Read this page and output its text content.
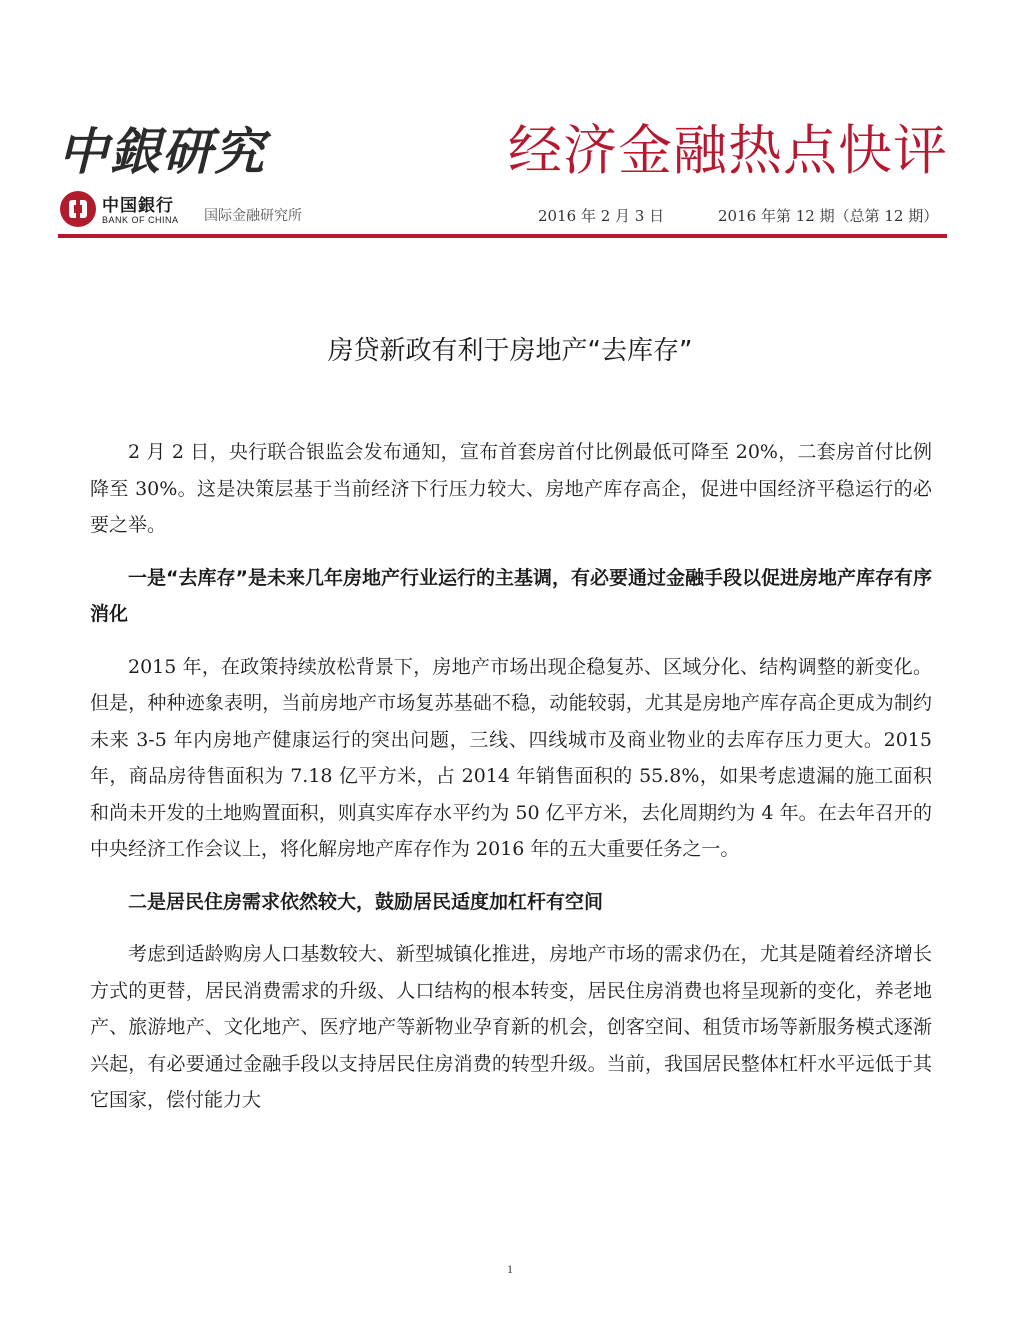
中銀研究	经济金融热点快评
中国銀行
BANK OF CHINA 国际金融研究所	2016 年 2 月 3 日	2016 年第 12 期（总第 12 期）
房贷新政有利于房地产“去库存”

2 月 2 日，央行联合银监会发布通知，宣布首套房首付比例最低可降至 20%，二套房首付比例降至 30%。这是决策层基于当前经济下行压力较大、房地产库存高企，促进中国经济平稳运行的必要之举。

一是“去库存”是未来几年房地产行业运行的主基调，有必要通过金融手段以促进房地产库存有序消化

2015 年，在政策持续放松背景下，房地产市场出现企稳复苏、区域分化、结构调整的新变化。但是，种种迹象表明，当前房地产市场复苏基础不稳，动能较弱，尤其是房地产库存高企更成为制约未来 3-5 年内房地产健康运行的突出问题，三线、四线城市及商业物业的去库存压力更大。2015 年，商品房待售面积为 7.18 亿平方米，占 2014 年销售面积的 55.8%，如果考虑遗漏的施工面积和尚未开发的土地购置面积，则真实库存水平约为 50 亿平方米，去化周期约为 4 年。在去年召开的中央经济工作会议上，将化解房地产库存作为 2016 年的五大重要任务之一。

二是居民住房需求依然较大，鼓励居民适度加杠杆有空间

考虑到适龄购房人口基数较大、新型城镇化推进，房地产市场的需求仍在，尤其是随着经济增长方式的更替，居民消费需求的升级、人口结构的根本转变，居民住房消费也将呈现新的变化，养老地产、旅游地产、文化地产、医疗地产等新物业孕育新的机会，创客空间、租赁市场等新服务模式逐渐兴起，有必要通过金融手段以支持居民住房消费的转型升级。当前，我国居民整体杠杆水平远低于其它国家，偿付能力大

1
